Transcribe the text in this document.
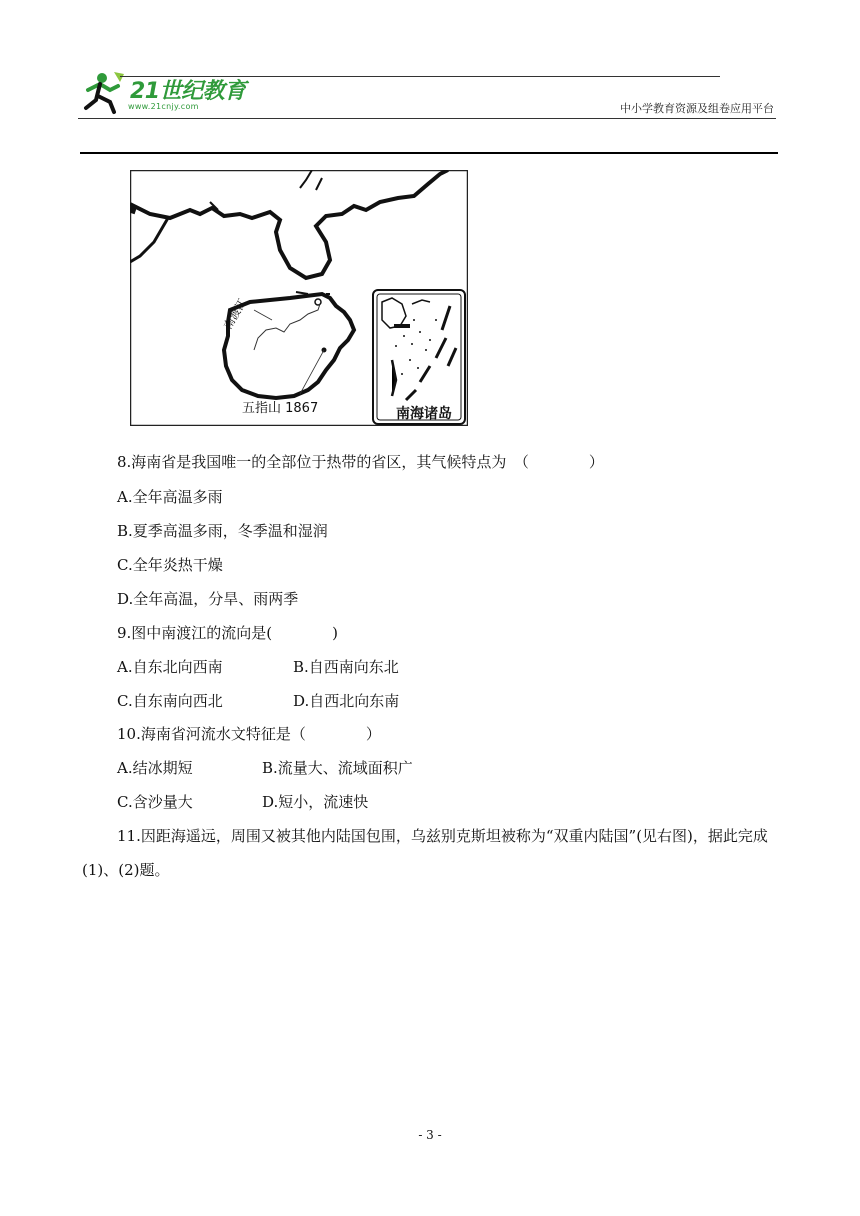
21世纪教育
www.21cnjy.com	中小学教育资源及组卷应用平台
南渡江
五指山 1867	南海诸岛
8.海南省是我国唯一的全部位于热带的省区，其气候特点为　（　　　　）
A.全年高温多雨
B.夏季高温多雨，冬季温和湿润
C.全年炎热干燥
D.全年高温，分旱、雨两季
9.图中南渡江的流向是(　　　　)
A.自东北向西南	B.自西南向东北
C.自东南向西北	D.自西北向东南
10.海南省河流水文特征是（　　　　）
A.结冰期短	B.流量大、流域面积广
C.含沙量大	D.短小，流速快
11.因距海遥远，周围又被其他内陆国包围，乌兹别克斯坦被称为“双重内陆国”(见右图)，据此完成(1)、(2)题。
- 3 -
